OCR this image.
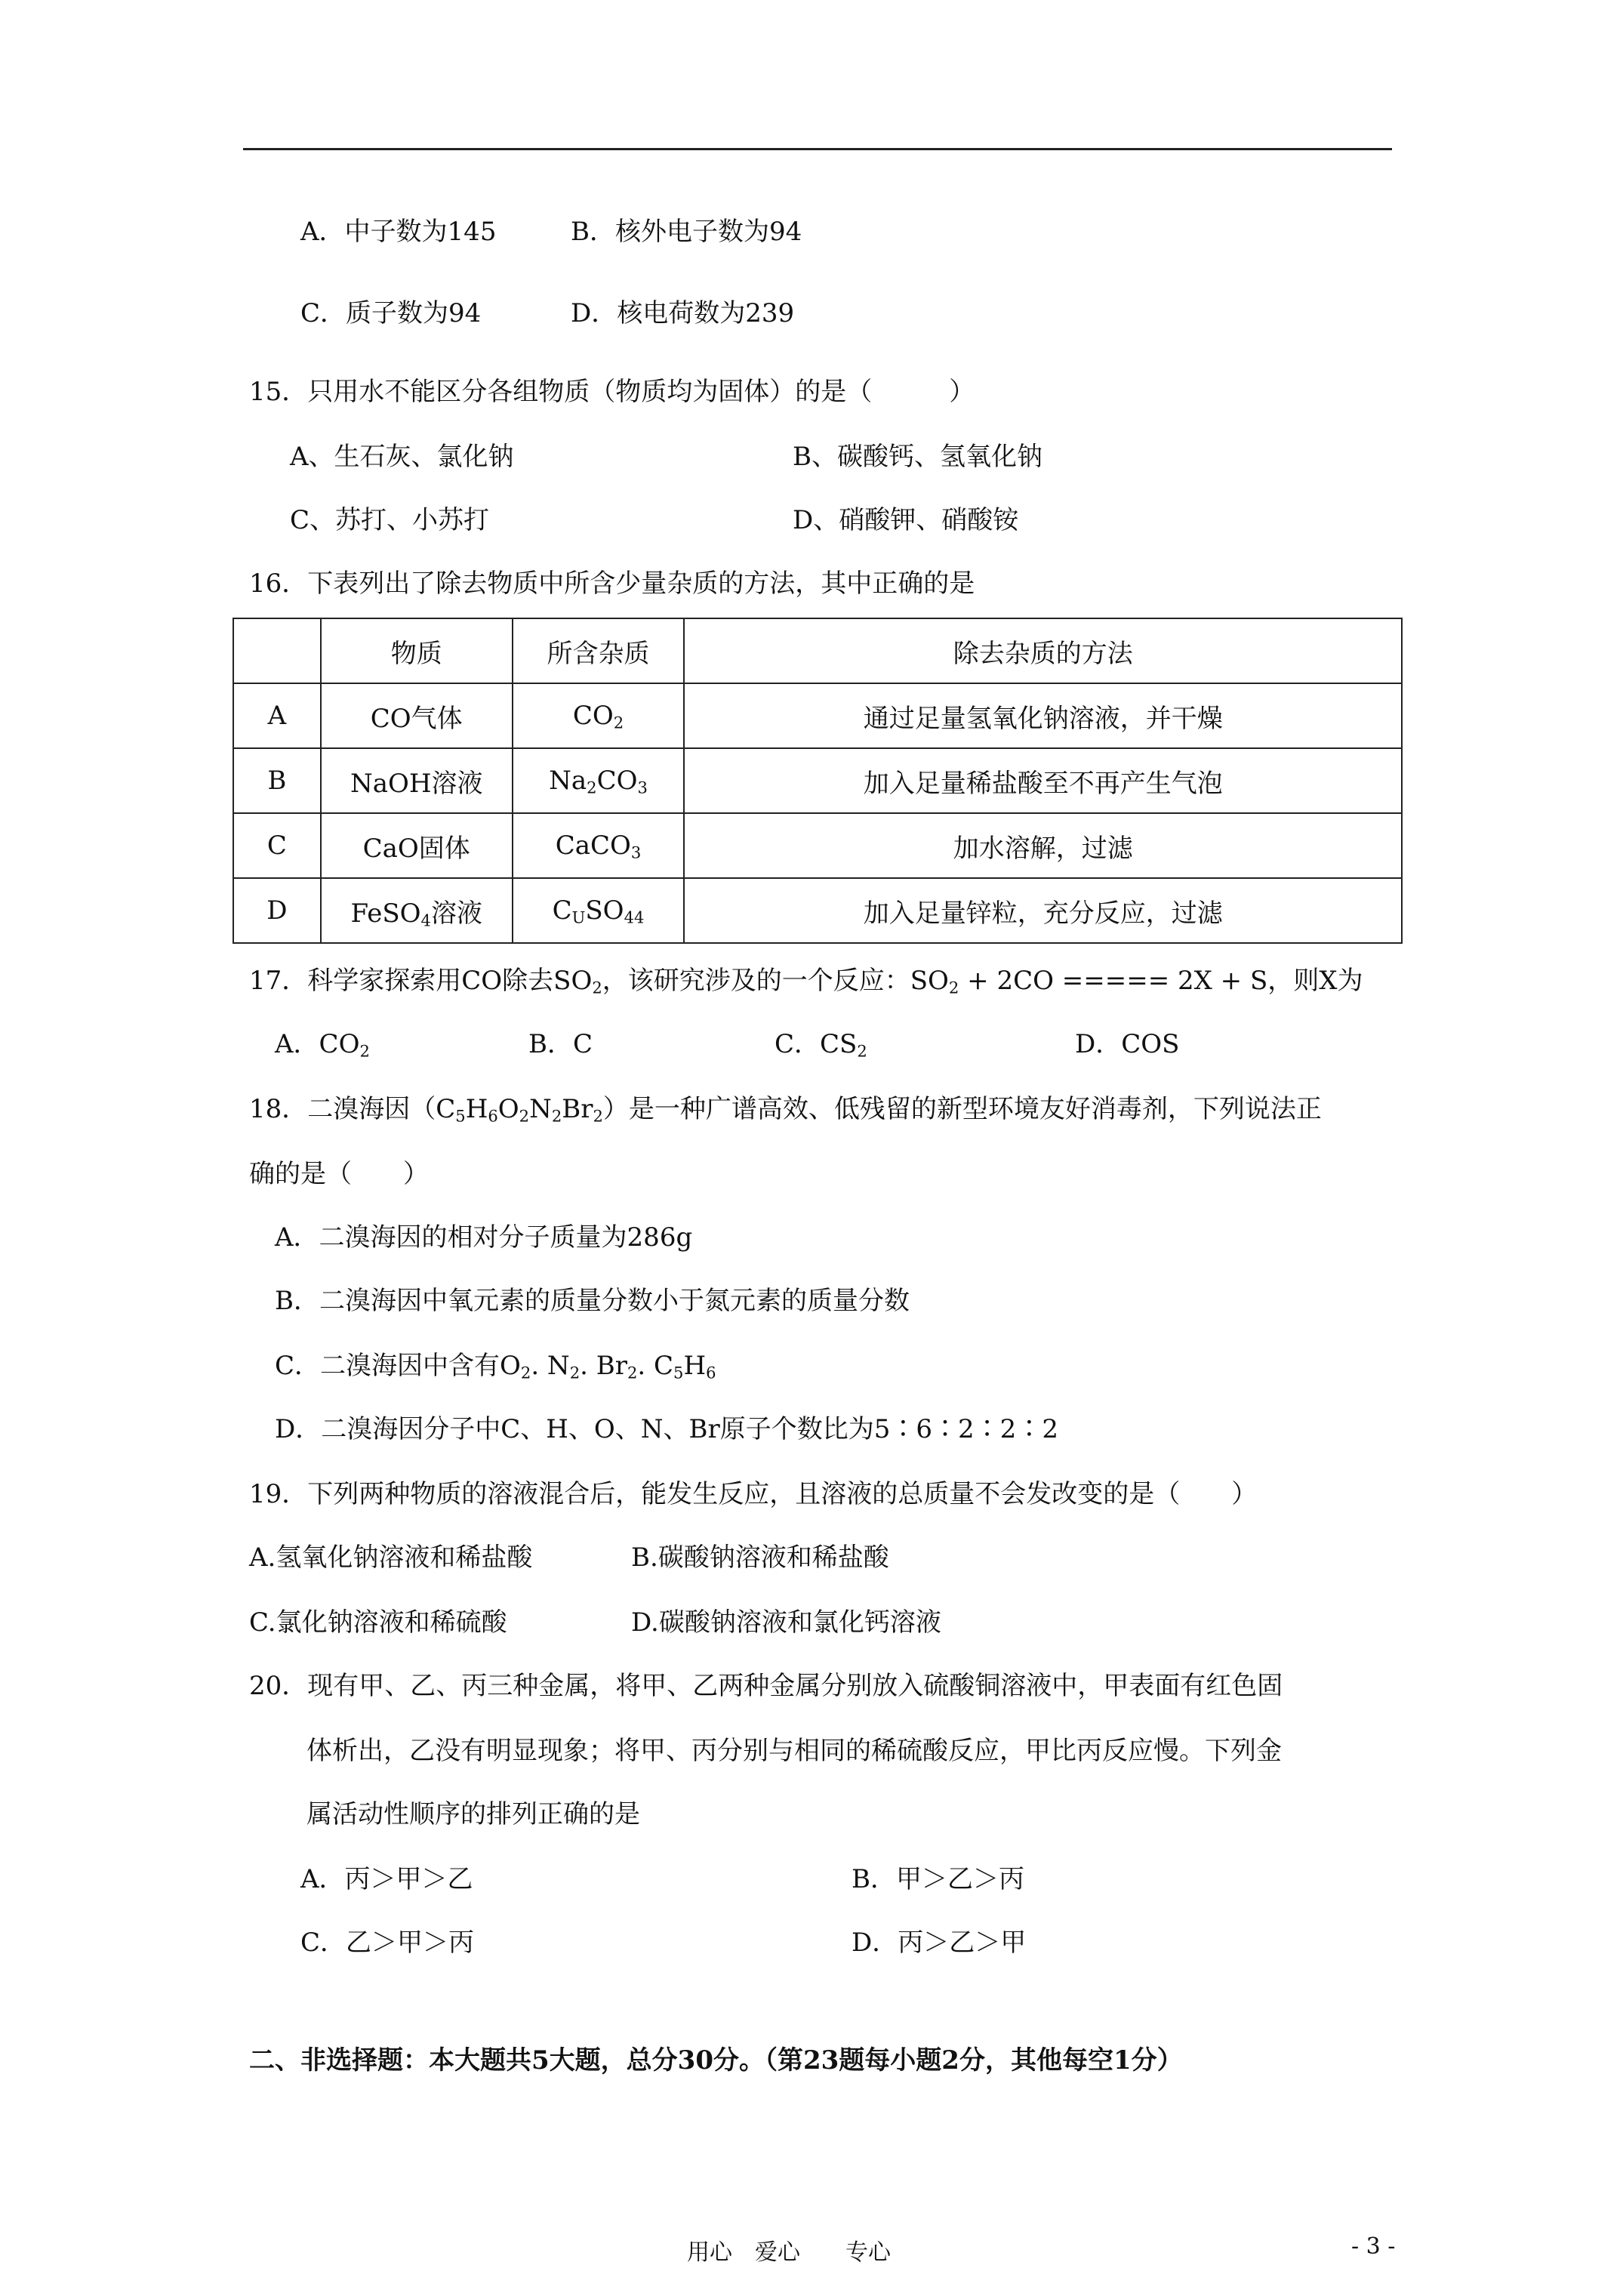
A．中子数为145	B．核外电子数为94
C．质子数为94	D．核电荷数为239
15．只用水不能区分各组物质（物质均为固体）的是（　　　）
A、生石灰、氯化钠	B、碳酸钙、氢氧化钠
C、苏打、小苏打	D、硝酸钾、硝酸铵
16．下表列出了除去物质中所含少量杂质的方法，其中正确的是
	物质	所含杂质	除去杂质的方法
A	CO气体	$CO_2$	通过足量氢氧化钠溶液，并干燥
B	NaOH溶液	$Na_2CO_3$	加入足量稀盐酸至不再产生气泡
C	CaO固体	CaCO$_3$	加水溶解，过滤
D	FeSO$_4$溶液	$C_USO_{44}$	加入足量锌粒，充分反应，过滤
17．科学家探索用CO除去$SO_2$，该研究涉及的一个反应：$SO_2 + 2CO$ ===== 2X + S，则X为
A．$CO_2$	B．C	C．$CS_2$	D．COS
18．二溴海因$(C_5H_6O_2N_2Br_2)$是一种广谱高效、低残留的新型环境友好消毒剂，下列说法正
确的是（　　）
A．二溴海因的相对分子质量为286g
B．二溴海因中氧元素的质量分数小于氮元素的质量分数
C．二溴海因中含有$O_2$. $N_2$. $Br_2$. $C_5H_6$
D．二溴海因分子中C、H、O、N、Br原子个数比为5∶6∶2∶2∶2
19．下列两种物质的溶液混合后，能发生反应，且溶液的总质量不会发改变的是（　　）
A.氢氧化钠溶液和稀盐酸	B.碳酸钠溶液和稀盐酸
C.氯化钠溶液和稀硫酸	D.碳酸钠溶液和氯化钙溶液
20．现有甲、乙、丙三种金属，将甲、乙两种金属分别放入硫酸铜溶液中，甲表面有红色固
体析出，乙没有明显现象；将甲、丙分别与相同的稀硫酸反应，甲比丙反应慢。下列金
属活动性顺序的排列正确的是
A．丙＞甲＞乙	B．甲＞乙＞丙
C．乙＞甲＞丙	D．丙＞乙＞甲
二、非选择题：本大题共5大题，总分30分。（第23题每小题2分，其他每空1分）
用心　爱心　　专心	- 3 -
